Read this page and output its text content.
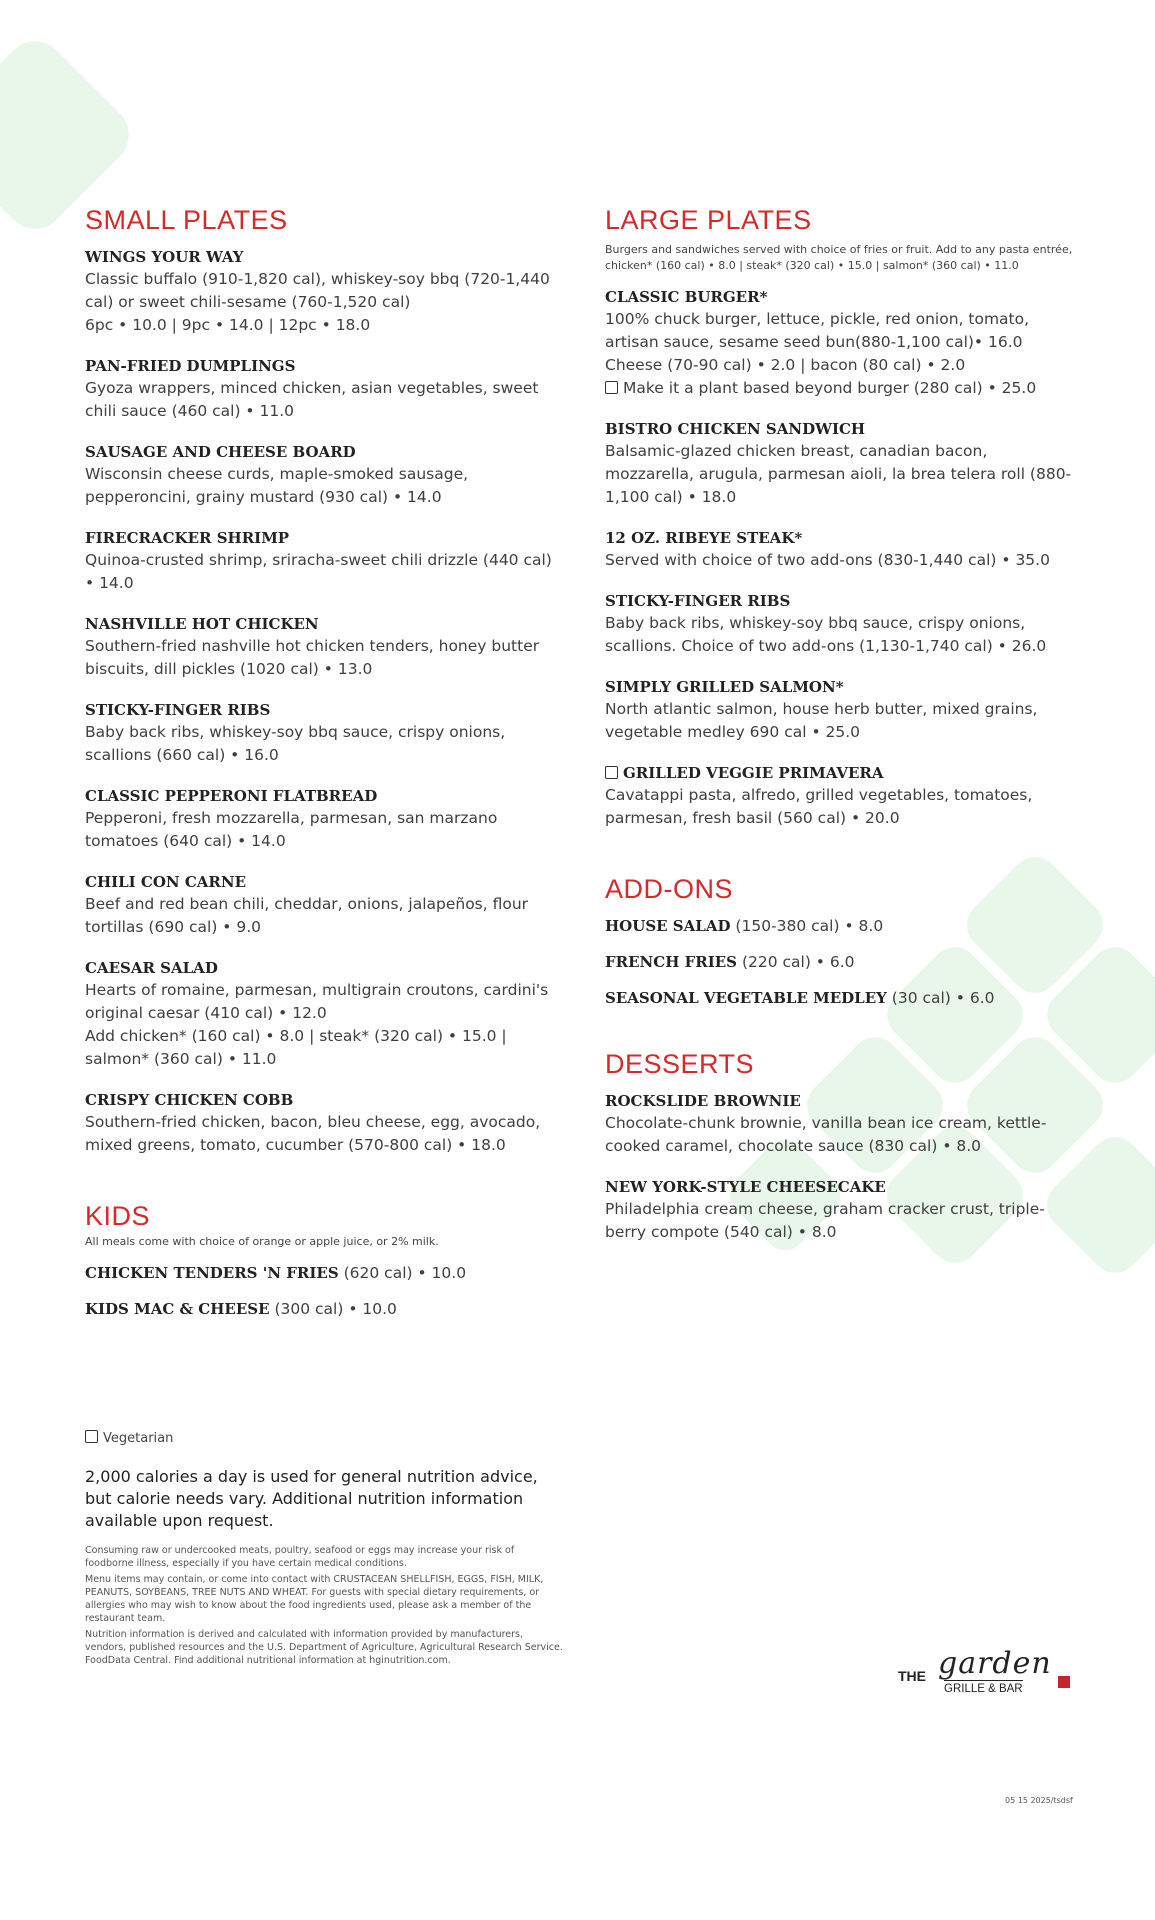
SMALL PLATES
WINGS YOUR WAY
Classic buffalo (910-1,820 cal), whiskey-soy bbq (720-1,440 cal) or sweet chili-sesame (760-1,520 cal)
6pc • 10.0 | 9pc • 14.0 | 12pc • 18.0
PAN-FRIED DUMPLINGS
Gyoza wrappers, minced chicken, asian vegetables, sweet chili sauce (460 cal) • 11.0
SAUSAGE AND CHEESE BOARD
Wisconsin cheese curds, maple-smoked sausage, pepperoncini, grainy mustard (930 cal) • 14.0
FIRECRACKER SHRIMP
Quinoa-crusted shrimp, sriracha-sweet chili drizzle (440 cal) • 14.0
NASHVILLE HOT CHICKEN
Southern-fried nashville hot chicken tenders, honey butter biscuits, dill pickles (1020 cal) • 13.0
STICKY-FINGER RIBS
Baby back ribs, whiskey-soy bbq sauce, crispy onions, scallions (660 cal) • 16.0
CLASSIC PEPPERONI FLATBREAD
Pepperoni, fresh mozzarella, parmesan, san marzano tomatoes (640 cal) • 14.0
CHILI CON CARNE
Beef and red bean chili, cheddar, onions, jalapeños, flour tortillas (690 cal) • 9.0
CAESAR SALAD
Hearts of romaine, parmesan, multigrain croutons, cardini's original caesar (410 cal) • 12.0
Add chicken* (160 cal) • 8.0 | steak* (320 cal) • 15.0 | salmon* (360 cal) • 11.0
CRISPY CHICKEN COBB
Southern-fried chicken, bacon, bleu cheese, egg, avocado, mixed greens, tomato, cucumber (570-800 cal) • 18.0
KIDS
All meals come with choice of orange or apple juice, or 2% milk.
CHICKEN TENDERS 'N FRIES (620 cal) • 10.0
KIDS MAC & CHEESE (300 cal) • 10.0
LARGE PLATES
Burgers and sandwiches served with choice of fries or fruit. Add to any pasta entrée, chicken* (160 cal) • 8.0 | steak* (320 cal) • 15.0 | salmon* (360 cal) • 11.0
CLASSIC BURGER*
100% chuck burger, lettuce, pickle, red onion, tomato, artisan sauce, sesame seed bun(880-1,100 cal)• 16.0
Cheese (70-90 cal) • 2.0 | bacon (80 cal) • 2.0
Make it a plant based beyond burger (280 cal) • 25.0
BISTRO CHICKEN SANDWICH
Balsamic-glazed chicken breast, canadian bacon, mozzarella, arugula, parmesan aioli, la brea telera roll (880-1,100 cal) • 18.0
12 OZ. RIBEYE STEAK*
Served with choice of two add-ons (830-1,440 cal) • 35.0
STICKY-FINGER RIBS
Baby back ribs, whiskey-soy bbq sauce, crispy onions, scallions. Choice of two add-ons (1,130-1,740 cal) • 26.0
SIMPLY GRILLED SALMON*
North atlantic salmon, house herb butter, mixed grains, vegetable medley 690 cal • 25.0
GRILLED VEGGIE PRIMAVERA
Cavatappi pasta, alfredo, grilled vegetables, tomatoes, parmesan, fresh basil (560 cal) • 20.0
ADD-ONS
HOUSE SALAD (150-380 cal) • 8.0
FRENCH FRIES (220 cal) • 6.0
SEASONAL VEGETABLE MEDLEY (30 cal) • 6.0
DESSERTS
ROCKSLIDE BROWNIE
Chocolate-chunk brownie, vanilla bean ice cream, kettle-cooked caramel, chocolate sauce (830 cal) • 8.0
NEW YORK-STYLE CHEESECAKE
Philadelphia cream cheese, graham cracker crust, triple-berry compote (540 cal) • 8.0
Vegetarian
2,000 calories a day is used for general nutrition advice, but calorie needs vary. Additional nutrition information available upon request.
Consuming raw or undercooked meats, poultry, seafood or eggs may increase your risk of foodborne illness, especially if you have certain medical conditions.
Menu items may contain, or come into contact with CRUSTACEAN SHELLFISH, EGGS, FISH, MILK, PEANUTS, SOYBEANS, TREE NUTS AND WHEAT. For guests with special dietary requirements, or allergies who may wish to know about the food ingredients used, please ask a member of the restaurant team.
Nutrition information is derived and calculated with information provided by manufacturers, vendors, published resources and the U.S. Department of Agriculture, Agricultural Research Service. FoodData Central. Find additional nutritional information at hginutrition.com.
THE garden
GRILLE & BAR
05 15 2025/tsdsf
